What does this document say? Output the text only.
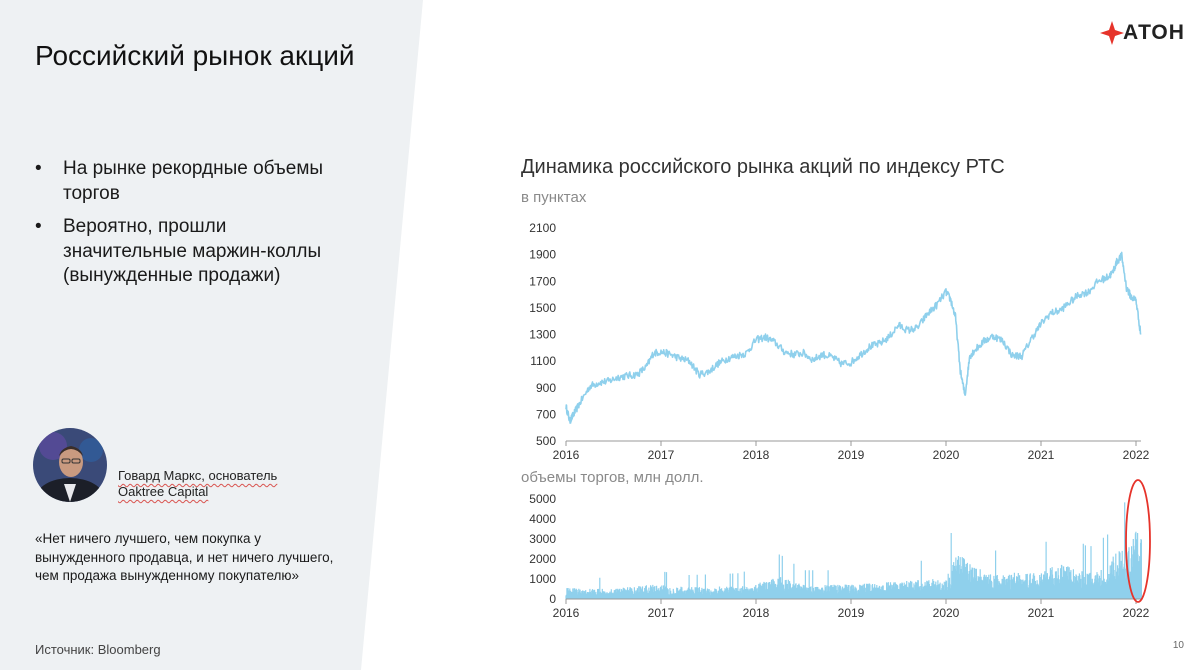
Российский рынок акций
• На рынке рекордные объемы торгов
• Вероятно, прошли значительные маржин-коллы (вынужденные продажи)
Говард Маркс, основатель
Oaktree Capital

«Нет ничего лучшего, чем покупка у вынужденного продавца, и нет ничего лучшего, чем продажа вынужденному покупателю»

Источник: Bloomberg	10
АТОН
Динамика российского рынка акций по индексу РТС
в пунктах
объемы торгов, млн долл.
500
700
900
1100
1300
1500
1700
1900
2100
2016	2017	2018	2019	2020	2021	2022
0
1000
2000
3000
4000
5000
2016	2017	2018	2019	2020	2021	2022
